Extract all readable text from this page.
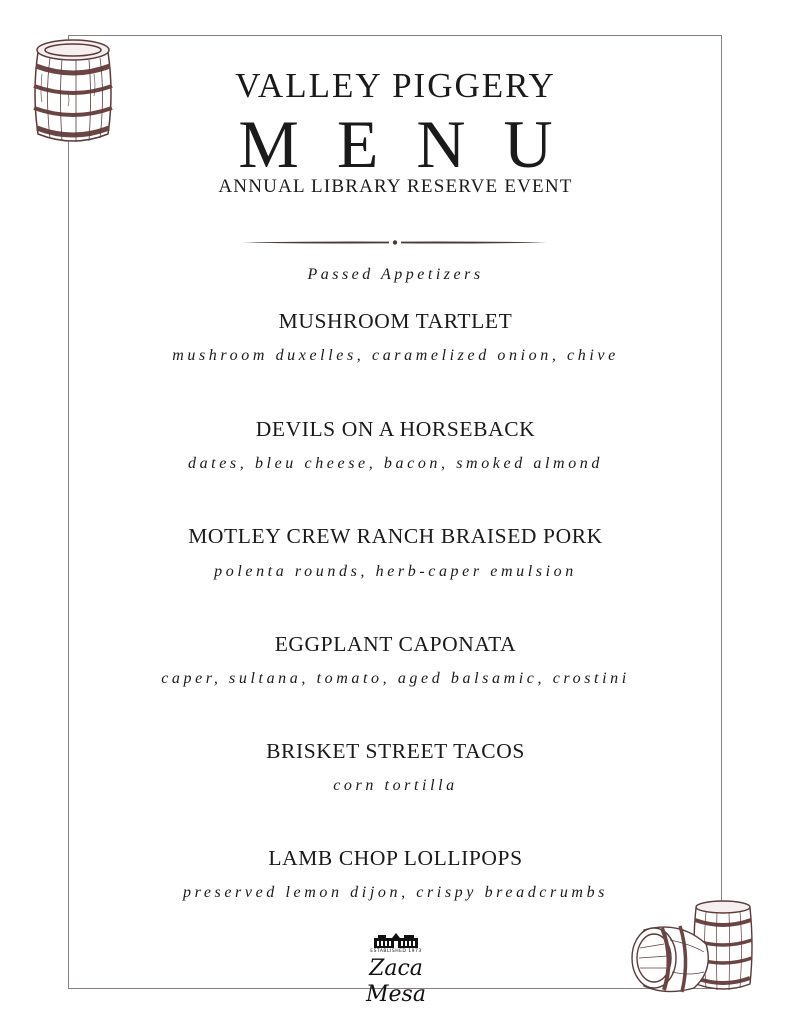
VALLEY PIGGERY
MENU
ANNUAL LIBRARY RESERVE EVENT
Passed Appetizers
MUSHROOM TARTLET
mushroom duxelles, caramelized onion, chive
DEVILS ON A HORSEBACK
dates, bleu cheese, bacon, smoked almond
MOTLEY CREW RANCH BRAISED PORK
polenta rounds, herb-caper emulsion
EGGPLANT CAPONATA
caper, sultana, tomato, aged balsamic, crostini
BRISKET STREET TACOS
corn tortilla
LAMB CHOP LOLLIPOPS
preserved lemon dijon, crispy breadcrumbs
ESTABLISHED 1973
Zaca Mesa
